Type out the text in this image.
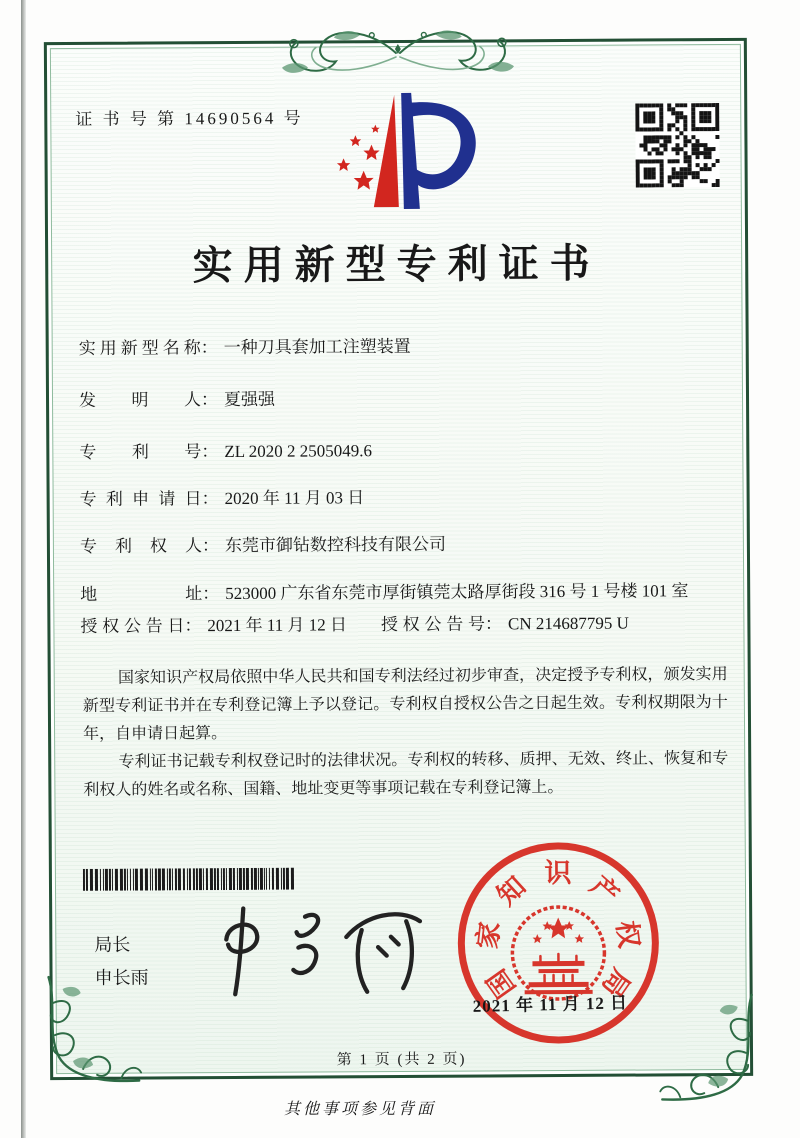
证 书 号 第 14690564 号
实用新型专利证书
实用新型名称 ： 一种刀具套加工注塑装置
发明人 ： 夏强强
专利号 ： ZL 2020 2 2505049.6
专利申请日 ： 2020 年 11 月 03 日
专利权人 ： 东莞市御钻数控科技有限公司
地址 ： 523000 广东省东莞市厚街镇莞太路厚街段 316 号 1 号楼 101 室
授权公告日 ： 2021 年 11 月 12 日 授权公告号 ： CN 214687795 U

国家知识产权局依照中华人民共和国专利法经过初步审查，决定授予专利权，颁发实用新型专利证书并在专利登记簿上予以登记。专利权自授权公告之日起生效。专利权期限为十年，自申请日起算。

专利证书记载专利权登记时的法律状况。专利权的转移、质押、无效、终止、恢复和专利权人的姓名或名称、国籍、地址变更等事项记载在专利登记簿上。

局长
申长雨	国
家
知 识 产
权
局
2021 年 11 月 12 日
第 1 页 (共 2 页)
其他事项参见背面
